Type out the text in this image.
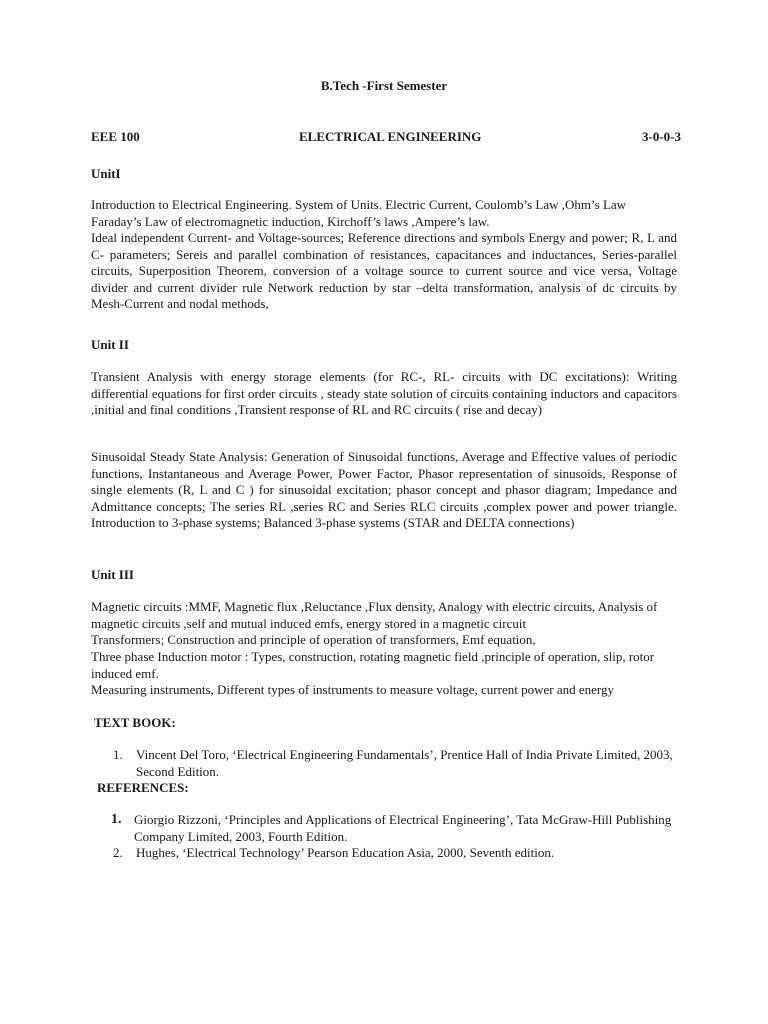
B.Tech -First Semester
EEE 100	ELECTRICAL ENGINEERING	3-0-0-3
UnitI
Introduction to Electrical Engineering. System of Units. Electric Current, Coulomb’s Law ,Ohm’s Law Faraday’s Law of electromagnetic induction, Kirchoff’s laws ,Ampere’s law.
Ideal independent Current- and Voltage-sources; Reference directions and symbols Energy and power; R, L and C- parameters; Sereis and parallel combination of resistances, capacitances and inductances, Series-parallel circuits, Superposition Theorem, conversion of a voltage source to current source and vice versa, Voltage divider and current divider rule Network reduction by star –delta transformation, analysis of dc circuits by Mesh-Current and nodal methods,
Unit II
Transient Analysis with energy storage elements (for RC-, RL- circuits with DC excitations): Writing differential equations for first order circuits , steady state solution of circuits containing inductors and capacitors ,initial and final conditions ,Transient response of RL and RC circuits ( rise and decay)
Sinusoidal Steady State Analysis: Generation of Sinusoidal functions, Average and Effective values of periodic functions, Instantaneous and Average Power, Power Factor, Phasor representation of sinusoids, Response of single elements (R, L and C ) for sinusoidal excitation; phasor concept and phasor diagram; Impedance and Admittance concepts; The series RL ,series RC and Series RLC circuits ,complex power and power triangle. Introduction to 3-phase systems; Balanced 3-phase systems (STAR and DELTA connections)
Unit III
Magnetic circuits :MMF, Magnetic flux ,Reluctance ,Flux density, Analogy with electric circuits, Analysis of magnetic circuits ,self and mutual induced emfs, energy stored in a magnetic circuit
Transformers; Construction and principle of operation of transformers, Emf equation,
Three phase Induction motor : Types, construction, rotating magnetic field ,principle of operation, slip, rotor induced emf.
Measuring instruments, Different types of instruments to measure voltage, current power and energy
TEXT BOOK:
1. Vincent Del Toro, ‘Electrical Engineering Fundamentals’, Prentice Hall of India Private Limited, 2003, Second Edition.
REFERENCES:
1. Giorgio Rizzoni, ‘Principles and Applications of Electrical Engineering’, Tata McGraw-Hill Publishing Company Limited, 2003, Fourth Edition.
2. Hughes, ‘Electrical Technology’ Pearson Education Asia, 2000, Seventh edition.
